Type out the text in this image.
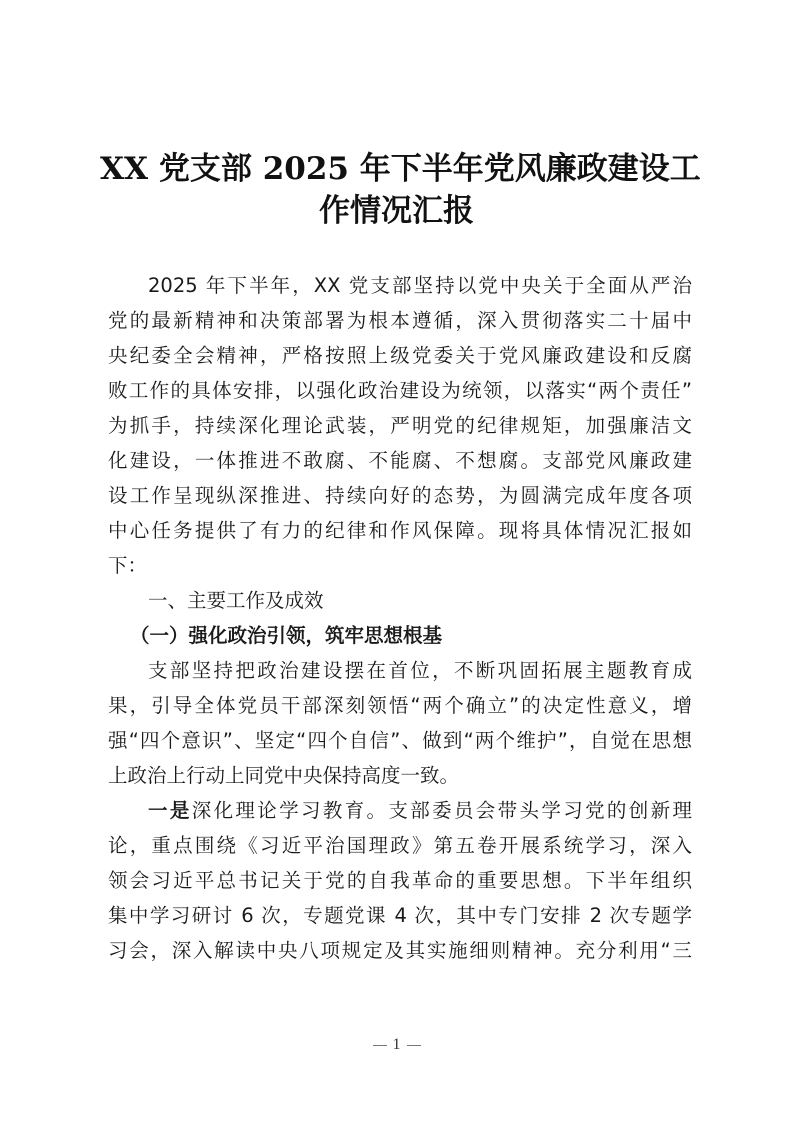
XX 党支部 2025 年下半年党风廉政建设工
作情况汇报
2025 年下半年，XX 党支部坚持以党中央关于全面从严治
党的最新精神和决策部署为根本遵循，深入贯彻落实二十届中
央纪委全会精神，严格按照上级党委关于党风廉政建设和反腐
败工作的具体安排，以强化政治建设为统领，以落实“两个责任”
为抓手，持续深化理论武装，严明党的纪律规矩，加强廉洁文
化建设，一体推进不敢腐、不能腐、不想腐。支部党风廉政建
设工作呈现纵深推进、持续向好的态势，为圆满完成年度各项
中心任务提供了有力的纪律和作风保障。现将具体情况汇报如
下：
一、主要工作及成效
（一）强化政治引领，筑牢思想根基
支部坚持把政治建设摆在首位，不断巩固拓展主题教育成
果，引导全体党员干部深刻领悟“两个确立”的决定性意义，增
强“四个意识”、坚定“四个自信”、做到“两个维护”，自觉在思想
上政治上行动上同党中央保持高度一致。
一是深化理论学习教育。支部委员会带头学习党的创新理
论，重点围绕《习近平治国理政》第五卷开展系统学习，深入
领会习近平总书记关于党的自我革命的重要思想。下半年组织
集中学习研讨 6 次，专题党课 4 次，其中专门安排 2 次专题学
习会，深入解读中央八项规定及其实施细则精神。充分利用“三
1
